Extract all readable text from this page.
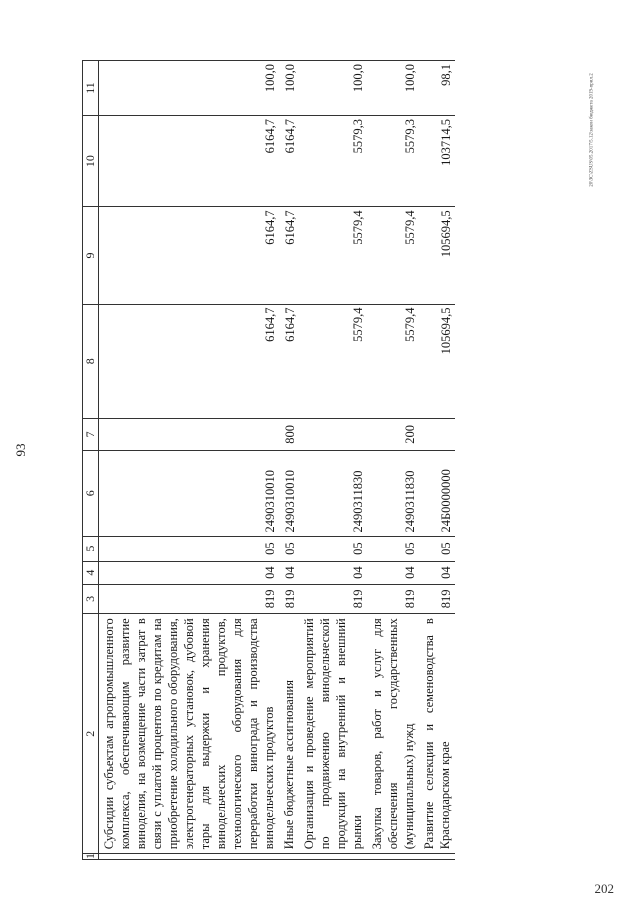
93
20\ЗС\ZSUS\05.2017\5.12\закон бюджета 2019-прил.2
202
1	2	3	4	5	6	7	8	9	10	11
	Субсидии субъектам агропромышленного комплекса, обеспечивающим развитие виноделия, на возмещение части затрат в связи с уплатой процентов по кредитам на приобретение холодильного оборудования, электрогенераторных установок, дубовой тары для выдержки и хранения винодельческих продуктов, технологического оборудования для переработки винограда и производства винодельческих продуктов	819	04	05	2490310010		6164,7	6164,7	6164,7	100,0
	Иные бюджетные ассигнования	819	04	05	2490310010	800	6164,7	6164,7	6164,7	100,0
	Организация и проведение мероприятий по продвижению винодельческой продукции на внутренний и внешний рынки	819	04	05	2490311830		5579,4	5579,4	5579,3	100,0
	Закупка товаров, работ и услуг для обеспечения государственных (муниципальных) нужд	819	04	05	2490311830	200	5579,4	5579,4	5579,3	100,0
	Развитие селекции и семеноводства в Краснодарском крае	819	04	05	24Б0000000		105694,5	105694,5	103714,5	98,1
